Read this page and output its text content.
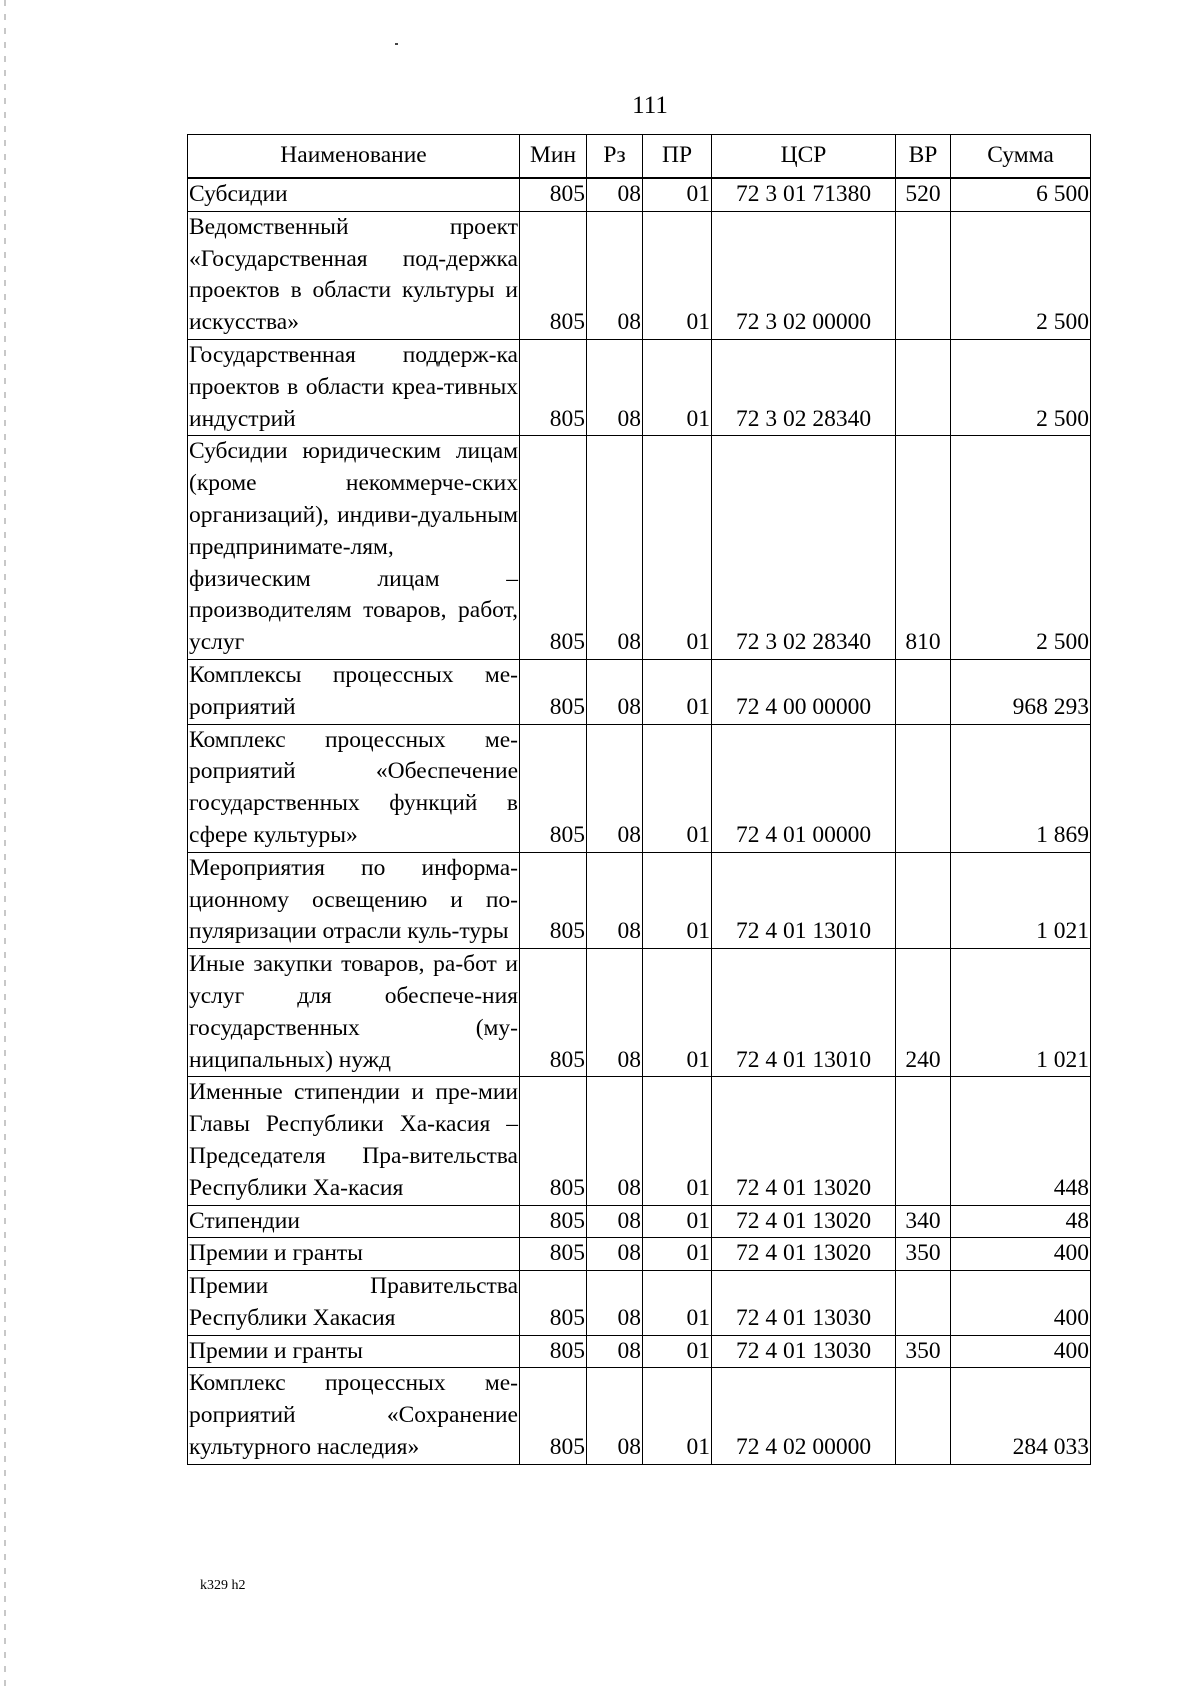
111
Наименование	Мин	Рз	ПР	ЦСР	ВР	Сумма
Субсидии	805	08	01	72 3 01 71380	520	6 500
Ведомственный проект «Государственная под-держка проектов в области культуры и искусства»	805	08	01	72 3 02 00000		2 500
Государственная поддерж-ка проектов в области креа-тивных индустрий	805	08	01	72 3 02 28340		2 500
Субсидии юридическим лицам (кроме некоммерче-ских организаций), индиви-дуальным предпринимате-лям, физическим лицам – производителям товаров, работ, услуг	805	08	01	72 3 02 28340	810	2 500
Комплексы процессных ме-роприятий	805	08	01	72 4 00 00000		968 293
Комплекс процессных ме-роприятий «Обеспечение государственных функций в сфере культуры»	805	08	01	72 4 01 00000		1 869
Мероприятия по информа-ционному освещению и по-пуляризации отрасли куль-туры	805	08	01	72 4 01 13010		1 021
Иные закупки товаров, ра-бот и услуг для обеспече-ния государственных (му-ниципальных) нужд	805	08	01	72 4 01 13010	240	1 021
Именные стипендии и пре-мии Главы Республики Ха-касия – Председателя Пра-вительства Республики Ха-касия	805	08	01	72 4 01 13020		448
Стипендии	805	08	01	72 4 01 13020	340	48
Премии и гранты	805	08	01	72 4 01 13020	350	400
Премии Правительства Республики Хакасия	805	08	01	72 4 01 13030		400
Премии и гранты	805	08	01	72 4 01 13030	350	400
Комплекс процессных ме-роприятий «Сохранение культурного наследия»	805	08	01	72 4 02 00000		284 033
k329 h2
